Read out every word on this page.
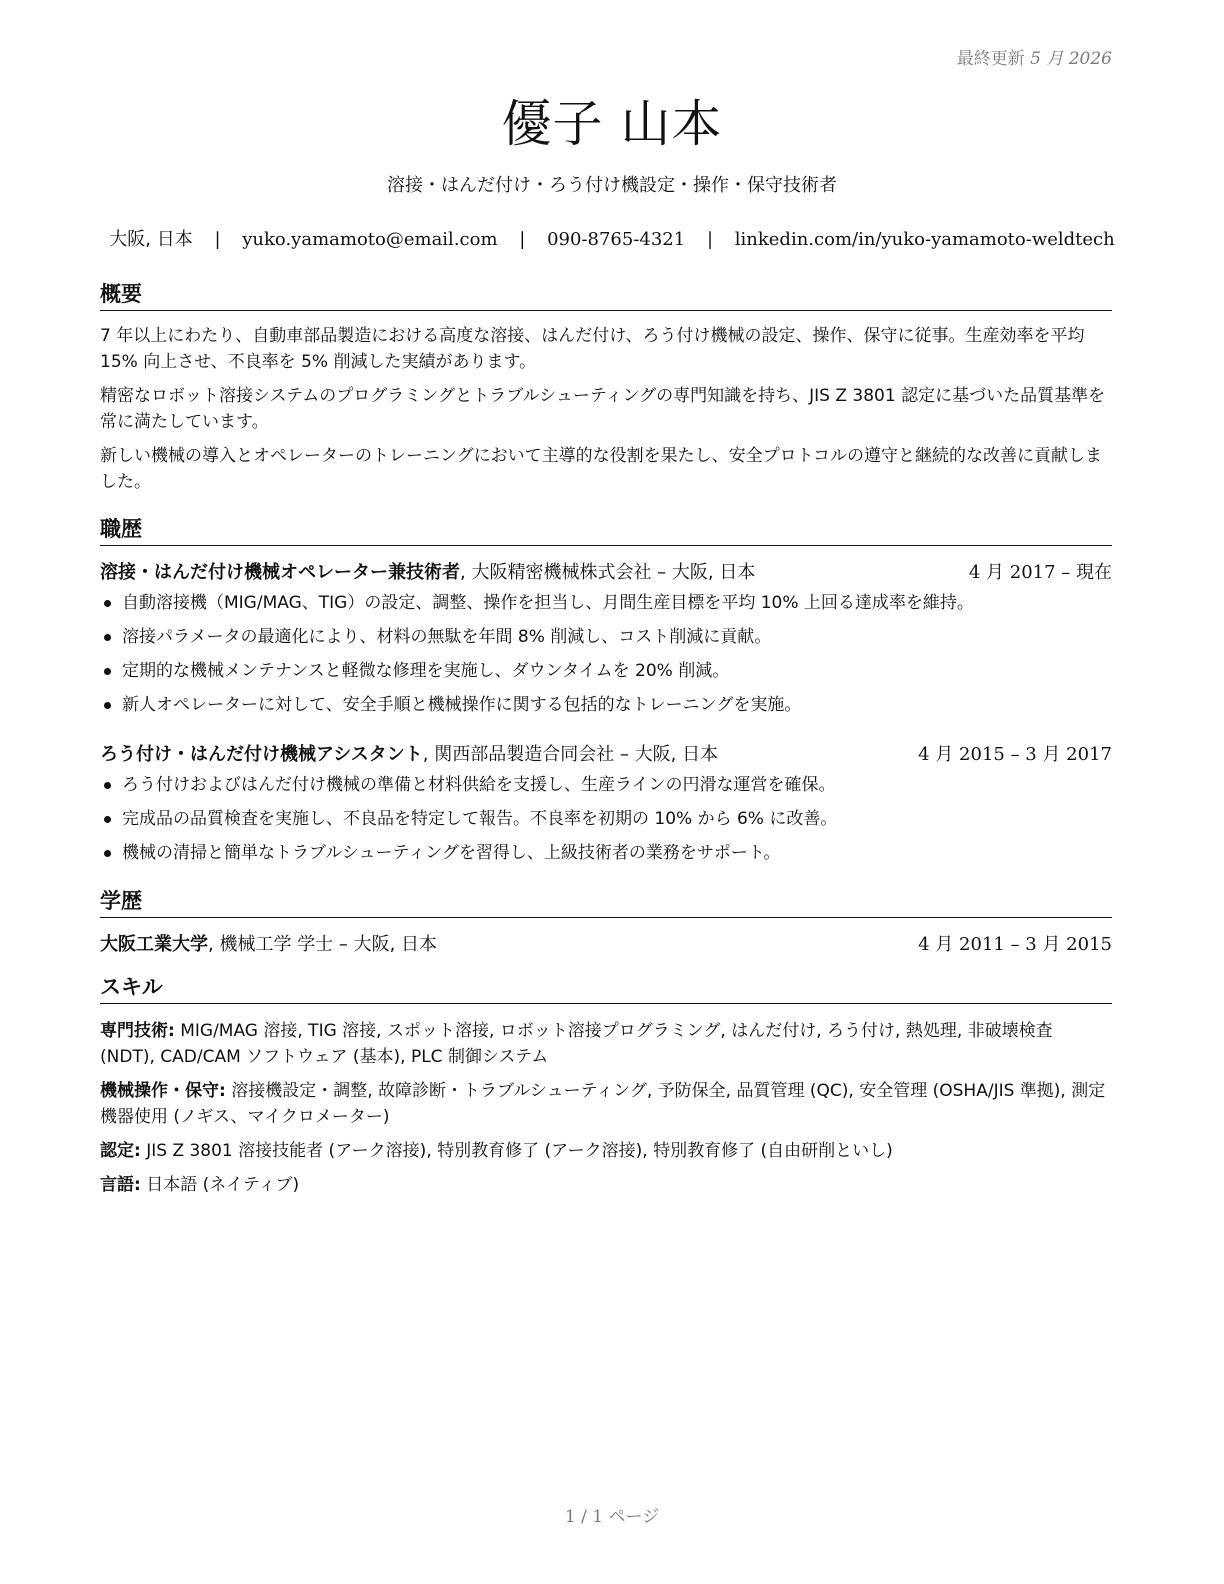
最終更新 5 月 2026
優子 山本
溶接・はんだ付け・ろう付け機設定・操作・保守技術者
大阪, 日本 | yuko.yamamoto@email.com | 090-8765-4321 | linkedin.com/in/yuko-yamamoto-weldtech
概要

7 年以上にわたり、自動車部品製造における高度な溶接、はんだ付け、ろう付け機械の設定、操作、保守に従事。生産効率を平均 15% 向上させ、不良率を 5% 削減した実績があります。

精密なロボット溶接システムのプログラミングとトラブルシューティングの専門知識を持ち、JIS Z 3801 認定に基づいた品質基準を常に満たしています。

新しい機械の導入とオペレーターのトレーニングにおいて主導的な役割を果たし、安全プロトコルの遵守と継続的な改善に貢献しました。

職歴
溶接・はんだ付け機械オペレーター兼技術者, 大阪精密機械株式会社 – 大阪, 日本	4 月 2017 – 現在
自動溶接機（MIG/MAG、TIG）の設定、調整、操作を担当し、月間生産目標を平均 10% 上回る達成率を維持。
溶接パラメータの最適化により、材料の無駄を年間 8% 削減し、コスト削減に貢献。
定期的な機械メンテナンスと軽微な修理を実施し、ダウンタイムを 20% 削減。
新人オペレーターに対して、安全手順と機械操作に関する包括的なトレーニングを実施。
ろう付け・はんだ付け機械アシスタント, 関西部品製造合同会社 – 大阪, 日本	4 月 2015 – 3 月 2017
ろう付けおよびはんだ付け機械の準備と材料供給を支援し、生産ラインの円滑な運営を確保。
完成品の品質検査を実施し、不良品を特定して報告。不良率を初期の 10% から 6% に改善。
機械の清掃と簡単なトラブルシューティングを習得し、上級技術者の業務をサポート。
学歴
大阪工業大学, 機械工学 学士 – 大阪, 日本	4 月 2011 – 3 月 2015
スキル

専門技術: MIG/MAG 溶接, TIG 溶接, スポット溶接, ロボット溶接プログラミング, はんだ付け, ろう付け, 熱処理, 非破壊検査 (NDT), CAD/CAM ソフトウェア (基本), PLC 制御システム

機械操作・保守: 溶接機設定・調整, 故障診断・トラブルシューティング, 予防保全, 品質管理 (QC), 安全管理 (OSHA/JIS 準拠), 測定機器使用 (ノギス、マイクロメーター)

認定: JIS Z 3801 溶接技能者 (アーク溶接), 特別教育修了 (アーク溶接), 特別教育修了 (自由研削といし)

言語: 日本語 (ネイティブ)

1 / 1 ページ
